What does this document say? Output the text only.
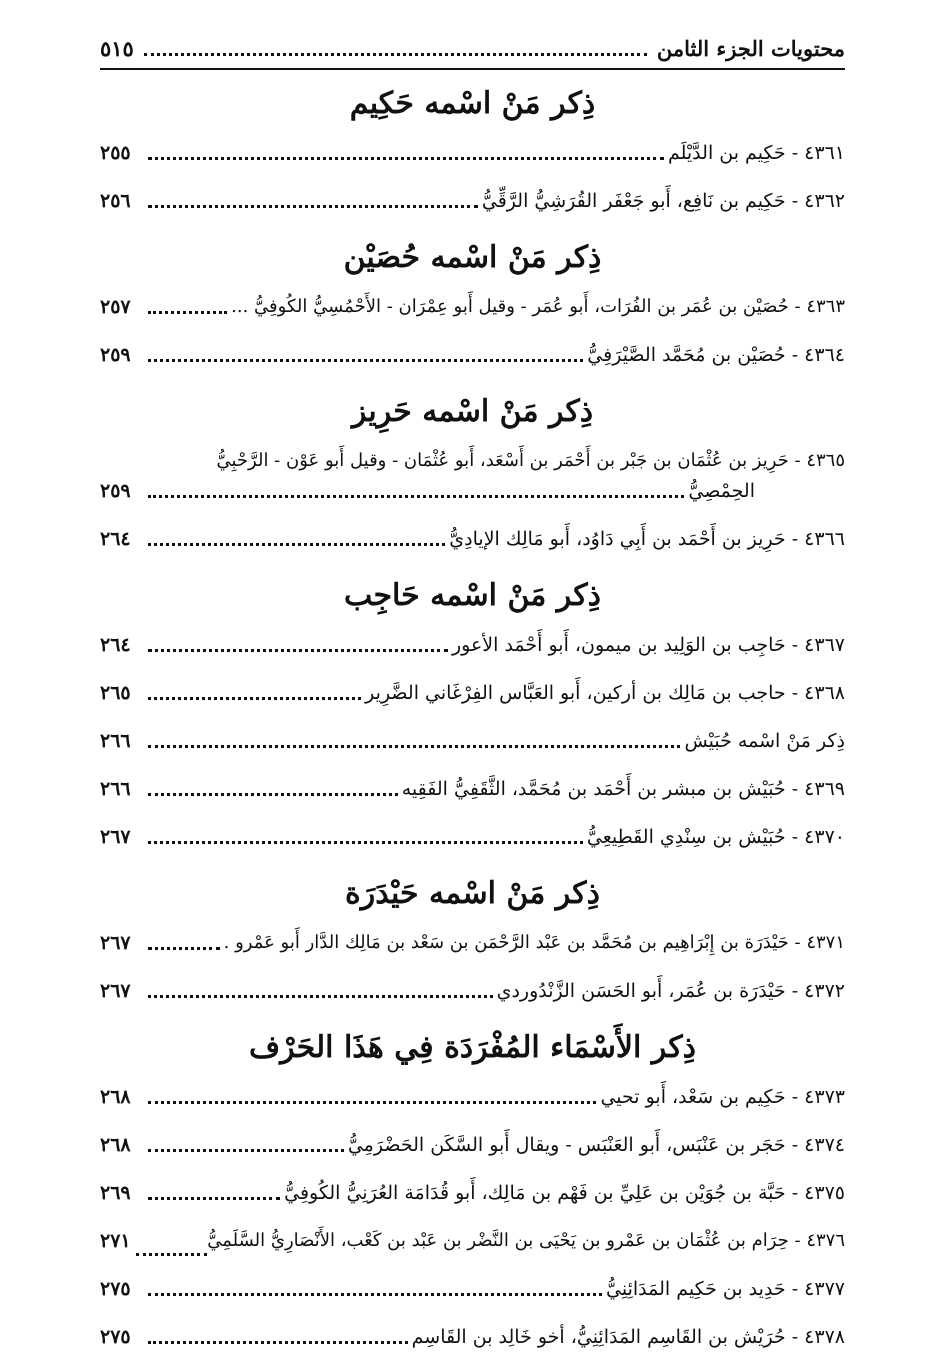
محتويات الجزء الثامن
٥١٥
ذِكر مَنْ اسْمه حَكِيم
٤٣٦١ - حَكِيم بن الدَّيْلَم
٢٥٥
٤٣٦٢ - حَكِيم بن نَافِع، أَبو جَعْفَر القُرَشِيُّ الرَّقِّيُّ
٢٥٦
ذِكر مَنْ اسْمه حُصَيْن
٤٣٦٣ - حُصَيْن بن عُمَر بن الفُرَات، أَبو عُمَر - وقيل أَبو عِمْرَان - الأَحْمُسِيُّ الكُوفِيُّ ...
٢٥٧
٤٣٦٤ - حُصَيْن بن مُحَمَّد الصَّيْرَفِيُّ
٢٥٩
ذِكر مَنْ اسْمه حَرِيز
٤٣٦٥ - حَرِيز بن عُثْمَان بن جَبْر بن أَحْمَر بن أَسْعَد، أَبو عُثْمَان - وقيل أَبو عَوْن - الرَّحْبِيُّ
الحِمْصِيُّ
٢٥٩
٤٣٦٦ - حَرِيز بن أَحْمَد بن أَبِي دَاوُد، أَبو مَالِك الإيادِيُّ
٢٦٤
ذِكر مَنْ اسْمه حَاجِب
٤٣٦٧ - حَاجِب بن الوَلِيد بن ميمون، أَبو أَحْمَد الأعور
٢٦٤
٤٣٦٨ - حاجب بن مَالِك بن أركين، أَبو العَبَّاس الفِرْغَاني الضَّرِير
٢٦٥
ذِكر مَنْ اسْمه حُبَيْش
٢٦٦
٤٣٦٩ - حُبَيْش بن مبشر بن أَحْمَد بن مُحَمَّد، الثَّقَفِيُّ الفَقِيه
٢٦٦
٤٣٧٠ - حُبَيْش بن سِنْدِي القَطِيعِيُّ
٢٦٧
ذِكر مَنْ اسْمه حَيْدَرَة
٤٣٧١ - حَيْدَرَة بن إِبْرَاهِيم بن مُحَمَّد بن عَبْد الرَّحْمَن بن سَعْد بن مَالِك الدَّار أَبو عَمْرو .
٢٦٧
٤٣٧٢ - حَيْدَرَة بن عُمَر، أَبو الحَسَن الزَّنْدُوردي
٢٦٧
ذِكر الأَسْمَاء المُفْرَدَة فِي هَذَا الحَرْف
٤٣٧٣ - حَكِيم بن سَعْد، أَبو تحيي
٢٦٨
٤٣٧٤ - حَجَر بن عَنْبَس، أَبو العَنْبَس - ويقال أَبو السَّكَن الحَضْرَمِيُّ
٢٦٨
٤٣٧٥ - حَبَّة بن جُوَيْن بن عَلِيِّ بن فَهْم بن مَالِك، أَبو قُدَامَة العُرَنِيُّ الكُوفِيُّ
٢٦٩
٤٣٧٦ - حِرَام بن عُثْمَان بن عَمْرو بن يَحْيَى بن النَّضْر بن عَبْد بن كَعْب، الأَنْصَارِيُّ السَّلَمِيُّ
٢٧١
٤٣٧٧ - حَدِيد بن حَكِيم المَدَائِنِيُّ
٢٧٥
٤٣٧٨ - حُرَيْش بن القَاسِم المَدَائِنِيُّ، أخو خَالِد بن القَاسِم
٢٧٥
